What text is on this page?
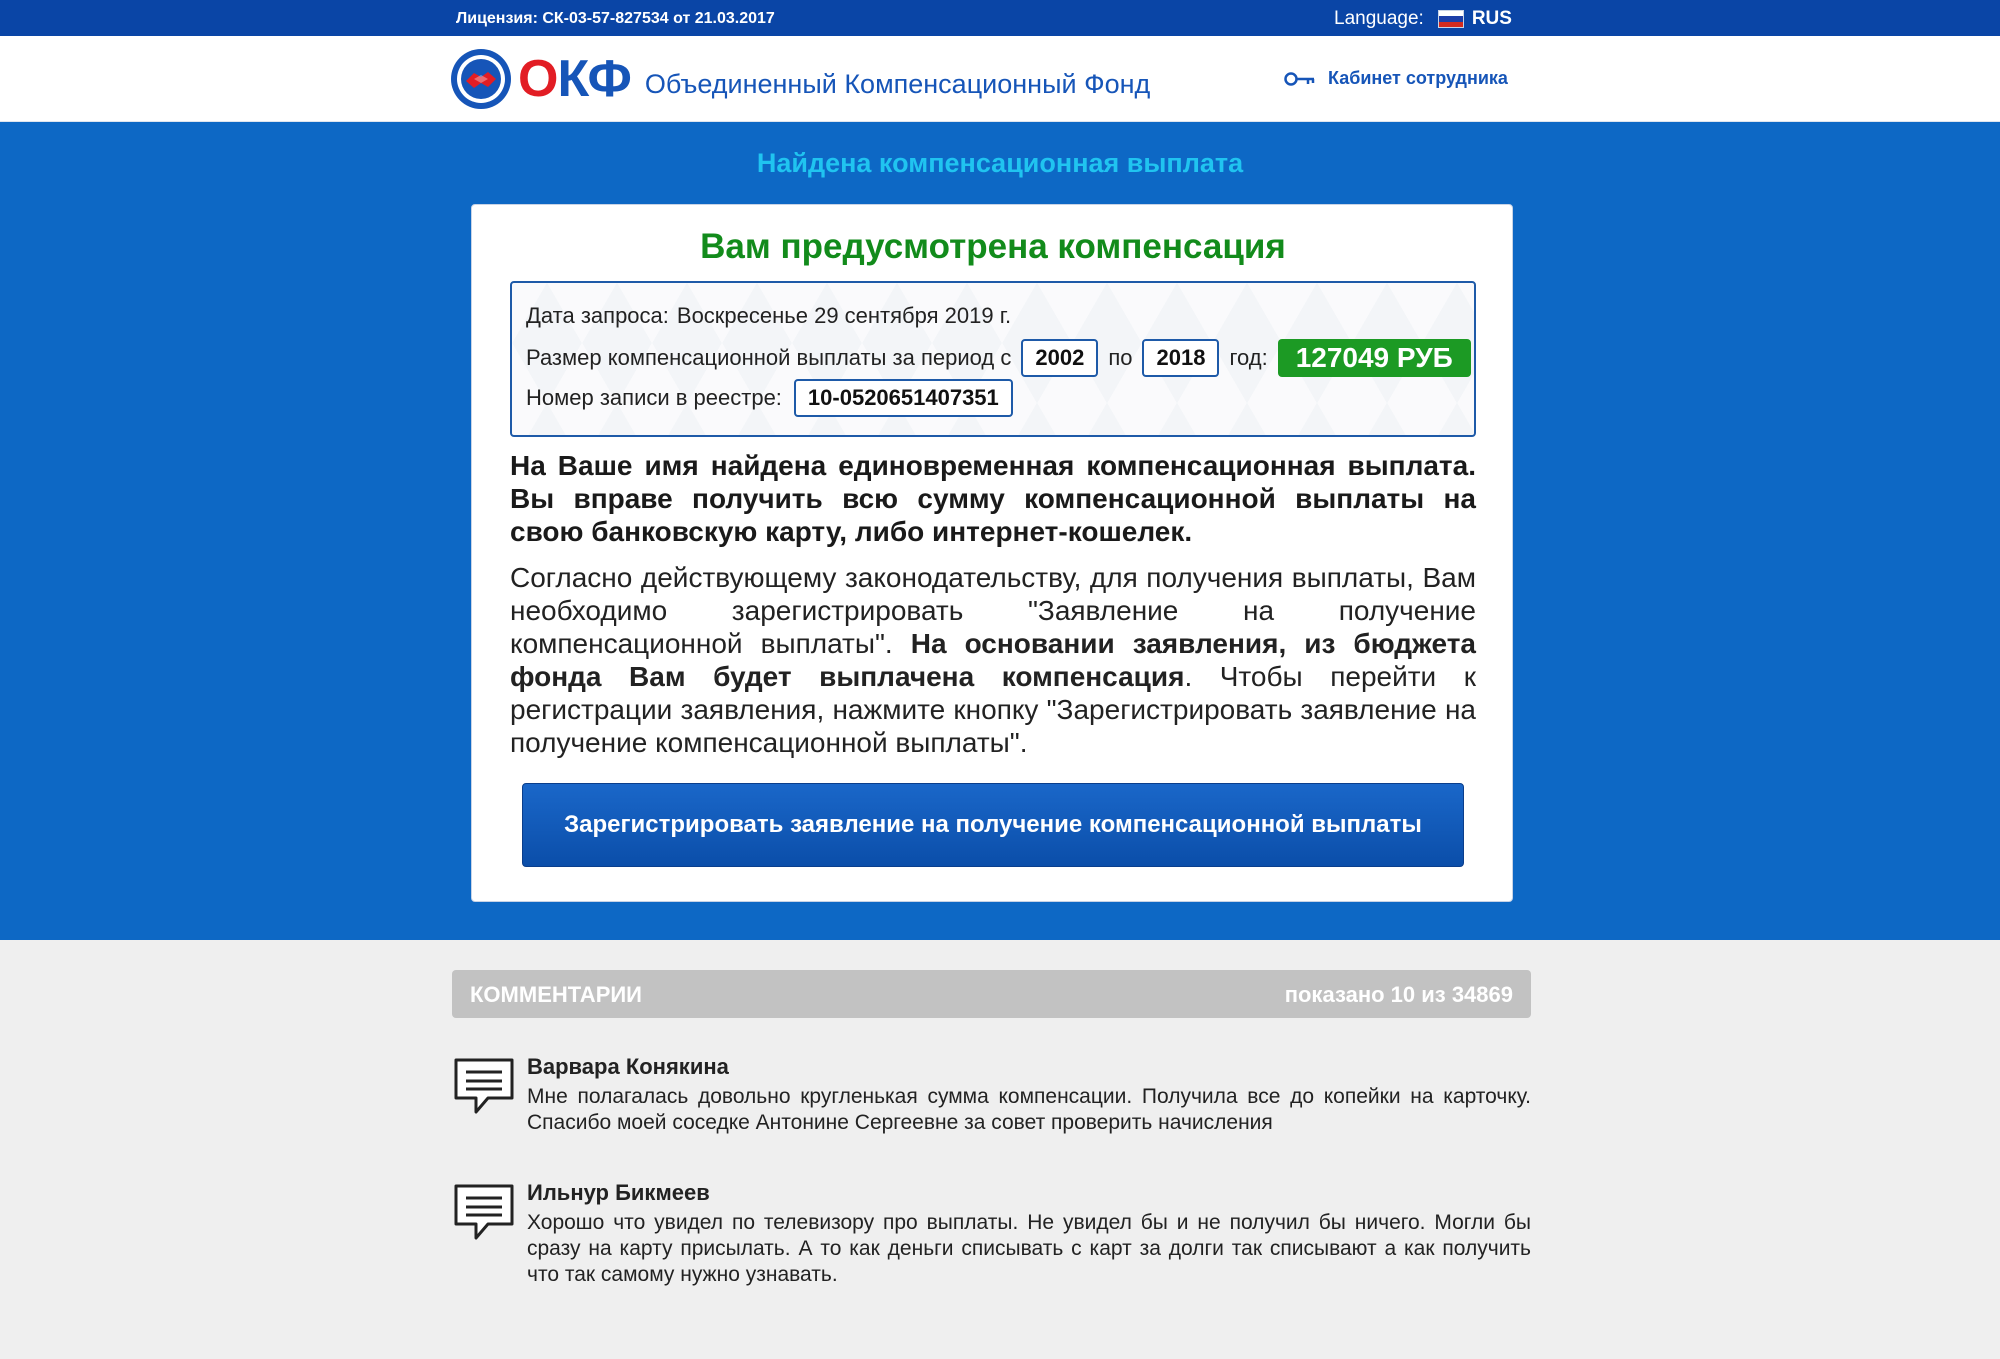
Лицензия: СК-03-57-827534 от 21.03.2017	Language:	RUS
ОКФ Объединенный Компенсационный Фонд	Кабинет сотрудника
Найдена компенсационная выплата
Вам предусмотрена компенсация
Дата запроса: Воскресенье 29 сентября 2019 г.
Размер компенсационной выплаты за период с	2002	по	2018	год:	127049 РУБ
Номер записи в реестре:	10-0520651407351
На Ваше имя найдена единовременная компенсационная выплата. Вы вправе получить всю сумму компенсационной выплаты на свою банковскую карту, либо интернет-кошелек.
Согласно действующему законодательству, для получения выплаты, Вам необходимо зарегистрировать "Заявление на получение компенсационной выплаты". На основании заявления, из бюджета фонда Вам будет выплачена компенсация. Чтобы перейти к регистрации заявления, нажмите кнопку "Зарегистрировать заявление на получение компенсационной выплаты".
Зарегистрировать заявление на получение компенсационной выплаты
КОММЕНТАРИИ	показано 10 из 34869
Варвара Конякина
Мне полагалась довольно кругленькая сумма компенсации. Получила все до копейки на карточку. Спасибо моей соседке Антонине Сергеевне за совет проверить начисления
Ильнур Бикмеев
Хорошо что увидел по телевизору про выплаты. Не увидел бы и не получил бы ничего. Могли бы сразу на карту присылать. А то как деньги списывать с карт за долги так списывают а как получить что так самому нужно узнавать.
